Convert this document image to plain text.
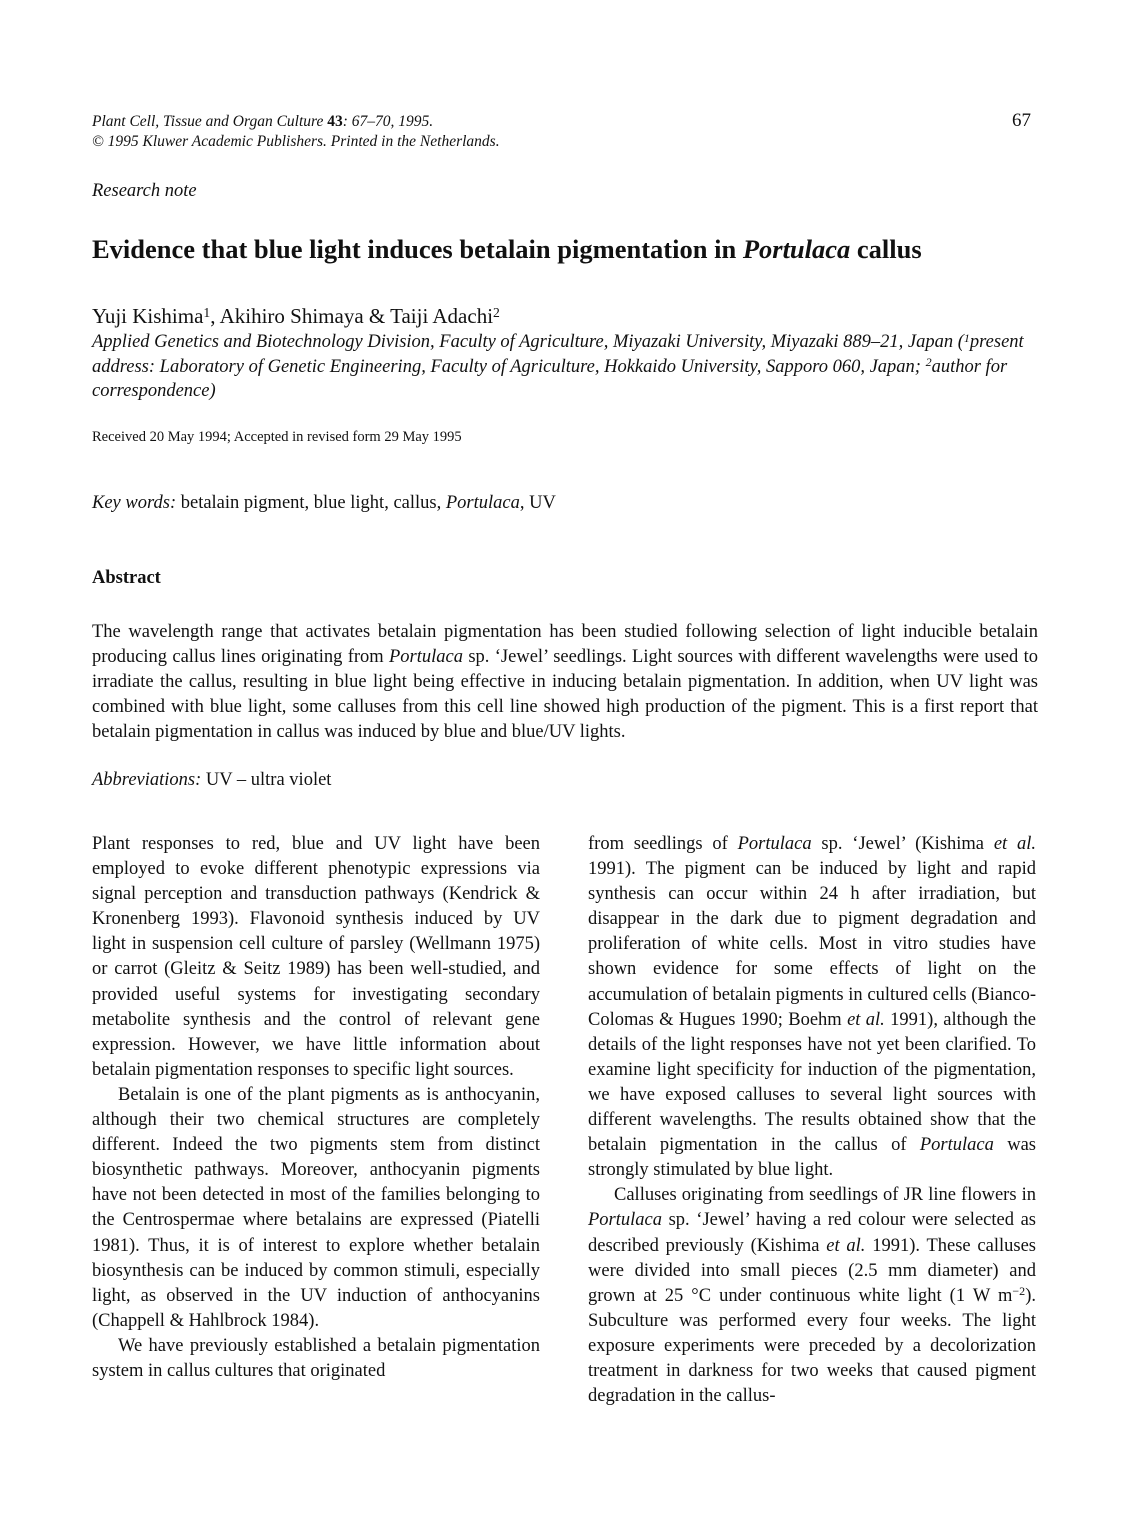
Plant Cell, Tissue and Organ Culture 43: 67–70, 1995.
© 1995 Kluwer Academic Publishers. Printed in the Netherlands.
67
Research note
Evidence that blue light induces betalain pigmentation in Portulaca callus
Yuji Kishima$^1$, Akihiro Shimaya & Taiji Adachi$^2$
Applied Genetics and Biotechnology Division, Faculty of Agriculture, Miyazaki University, Miyazaki 889–21, Japan ($^1$present address: Laboratory of Genetic Engineering, Faculty of Agriculture, Hokkaido University, Sapporo 060, Japan; $^2$author for correspondence)
Received 20 May 1994; Accepted in revised form 29 May 1995
Key words: betalain pigment, blue light, callus, Portulaca, UV
Abstract
The wavelength range that activates betalain pigmentation has been studied following selection of light inducible betalain producing callus lines originating from Portulaca sp. ‘Jewel’ seedlings. Light sources with different wavelengths were used to irradiate the callus, resulting in blue light being effective in inducing betalain pigmentation. In addition, when UV light was combined with blue light, some calluses from this cell line showed high production of the pigment. This is a first report that betalain pigmentation in callus was induced by blue and blue/UV lights.
Abbreviations: UV – ultra violet

Plant responses to red, blue and UV light have been employed to evoke different phenotypic expressions via signal perception and transduction pathways (Kendrick & Kronenberg 1993). Flavonoid synthesis induced by UV light in suspension cell culture of parsley (Wellmann 1975) or carrot (Gleitz & Seitz 1989) has been well-studied, and provided useful systems for investigating secondary metabolite synthesis and the control of relevant gene expression. However, we have little information about betalain pigmentation responses to specific light sources.

Betalain is one of the plant pigments as is anthocyanin, although their two chemical structures are completely different. Indeed the two pigments stem from distinct biosynthetic pathways. Moreover, anthocyanin pigments have not been detected in most of the families belonging to the Centrospermae where betalains are expressed (Piatelli 1981). Thus, it is of interest to explore whether betalain biosynthesis can be induced by common stimuli, especially light, as observed in the UV induction of anthocyanins (Chappell & Hahlbrock 1984).

We have previously established a betalain pigmentation system in callus cultures that originated

from seedlings of Portulaca sp. ‘Jewel’ (Kishima et al. 1991). The pigment can be induced by light and rapid synthesis can occur within 24 h after irradiation, but disappear in the dark due to pigment degradation and proliferation of white cells. Most in vitro studies have shown evidence for some effects of light on the accumulation of betalain pigments in cultured cells (Bianco-Colomas & Hugues 1990; Boehm et al. 1991), although the details of the light responses have not yet been clarified. To examine light specificity for induction of the pigmentation, we have exposed calluses to several light sources with different wavelengths. The results obtained show that the betalain pigmentation in the callus of Portulaca was strongly stimulated by blue light.

Calluses originating from seedlings of JR line flowers in Portulaca sp. ‘Jewel’ having a red colour were selected as described previously (Kishima et al. 1991). These calluses were divided into small pieces (2.5 mm diameter) and grown at 25 °C under continuous white light (1 W $m^{-2}$). Subculture was performed every four weeks. The light exposure experiments were preceded by a decolorization treatment in darkness for two weeks that caused pigment degradation in the callus-
